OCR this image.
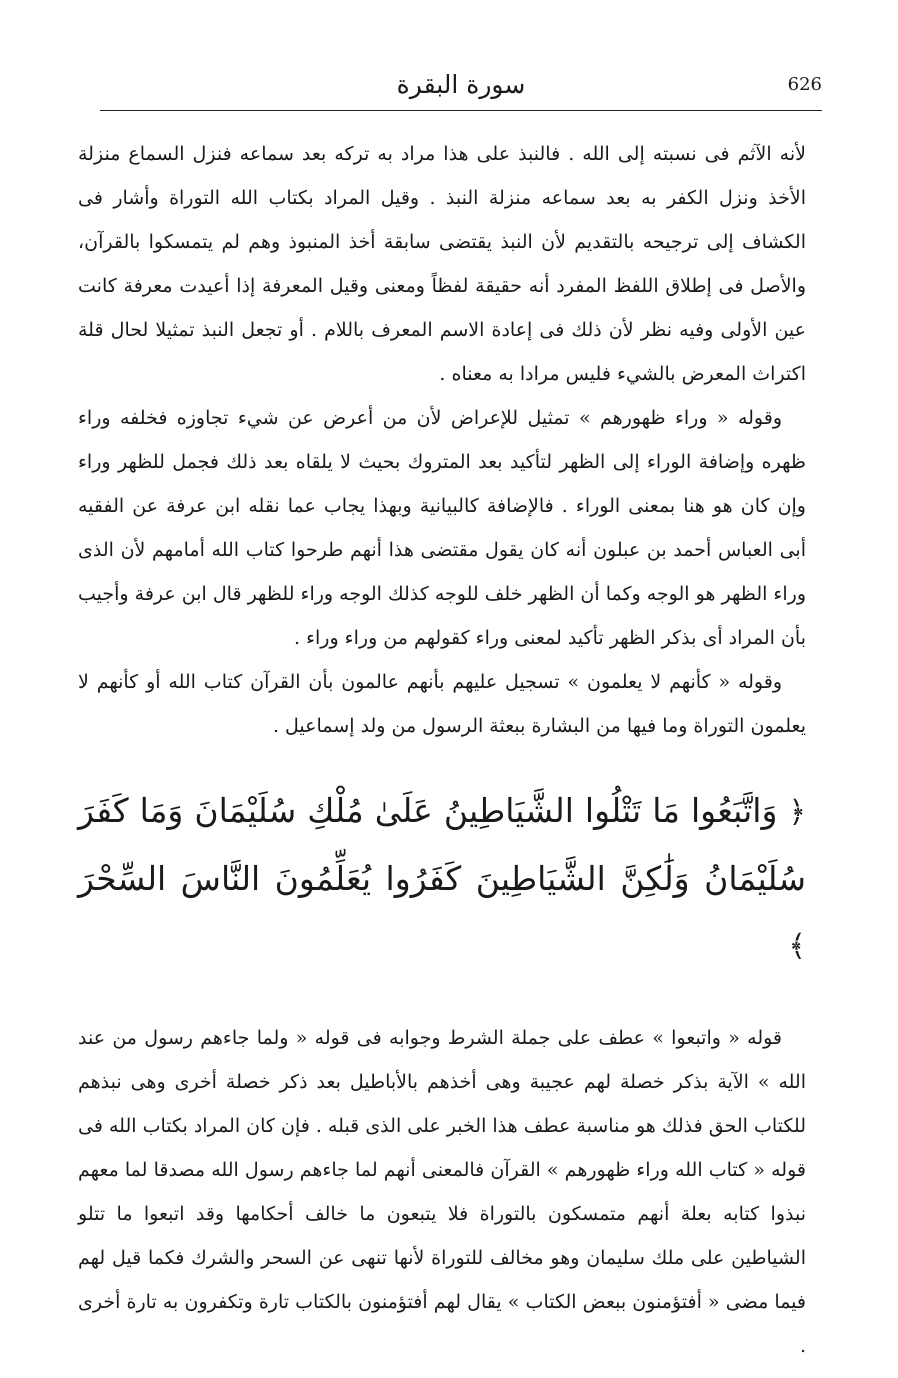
626
سورة البقرة

لأنه الآثم فى نسبته إلى الله . فالنبذ على هذا مراد به تركه بعد سماعه فنزل السماع منزلة الأخذ ونزل الكفر به بعد سماعه منزلة النبذ . وقيل المراد بكتاب الله التوراة وأشار فى الكشاف إلى ترجيحه بالتقديم لأن النبذ يقتضى سابقة أخذ المنبوذ وهم لم يتمسكوا بالقرآن، والأصل فى إطلاق اللفظ المفرد أنه حقيقة لفظاً ومعنى وقيل المعرفة إذا أعيدت معرفة كانت عين الأولى وفيه نظر لأن ذلك فى إعادة الاسم المعرف باللام . أو تجعل النبذ تمثيلا لحال قلة اكتراث المعرض بالشيء فليس مرادا به معناه .

وقوله « وراء ظهورهم » تمثيل للإعراض لأن من أعرض عن شيء تجاوزه فخلفه وراء ظهره وإضافة الوراء إلى الظهر لتأكيد بعد المتروك بحيث لا يلقاه بعد ذلك فجمل للظهر وراء وإن كان هو هنا بمعنى الوراء . فالإضافة كالبيانية وبهذا يجاب عما نقله ابن عرفة عن الفقيه أبى العباس أحمد بن عبلون أنه كان يقول مقتضى هذا أنهم طرحوا كتاب الله أمامهم لأن الذى وراء الظهر هو الوجه وكما أن الظهر خلف للوجه كذلك الوجه وراء للظهر قال ابن عرفة وأجيب بأن المراد أى بذكر الظهر تأكيد لمعنى وراء كقولهم من وراء وراء .

وقوله « كأنهم لا يعلمون » تسجيل عليهم بأنهم عالمون بأن القرآن كتاب الله أو كأنهم لا يعلمون التوراة وما فيها من البشارة ببعثة الرسول من ولد إسماعيل .

﴿ وَاتَّبَعُوا مَا تَتْلُوا الشَّيَاطِينُ عَلَىٰ مُلْكِ سُلَيْمَانَ وَمَا كَفَرَ سُلَيْمَانُ وَلَٰكِنَّ الشَّيَاطِينَ كَفَرُوا يُعَلِّمُونَ النَّاسَ السِّحْرَ ﴾

قوله « واتبعوا » عطف على جملة الشرط وجوابه فى قوله « ولما جاءهم رسول من عند الله » الآية بذكر خصلة لهم عجيبة وهى أخذهم بالأباطيل بعد ذكر خصلة أخرى وهى نبذهم للكتاب الحق فذلك هو مناسبة عطف هذا الخبر على الذى قبله . فإن كان المراد بكتاب الله فى قوله « كتاب الله وراء ظهورهم » القرآن فالمعنى أنهم لما جاءهم رسول الله مصدقا لما معهم نبذوا كتابه بعلة أنهم متمسكون بالتوراة فلا يتبعون ما خالف أحكامها وقد اتبعوا ما تتلو الشياطين على ملك سليمان وهو مخالف للتوراة لأنها تنهى عن السحر والشرك فكما قيل لهم فيما مضى « أفتؤمنون ببعض الكتاب » يقال لهم أفتؤمنون بالكتاب تارة وتكفرون به تارة أخرى .
